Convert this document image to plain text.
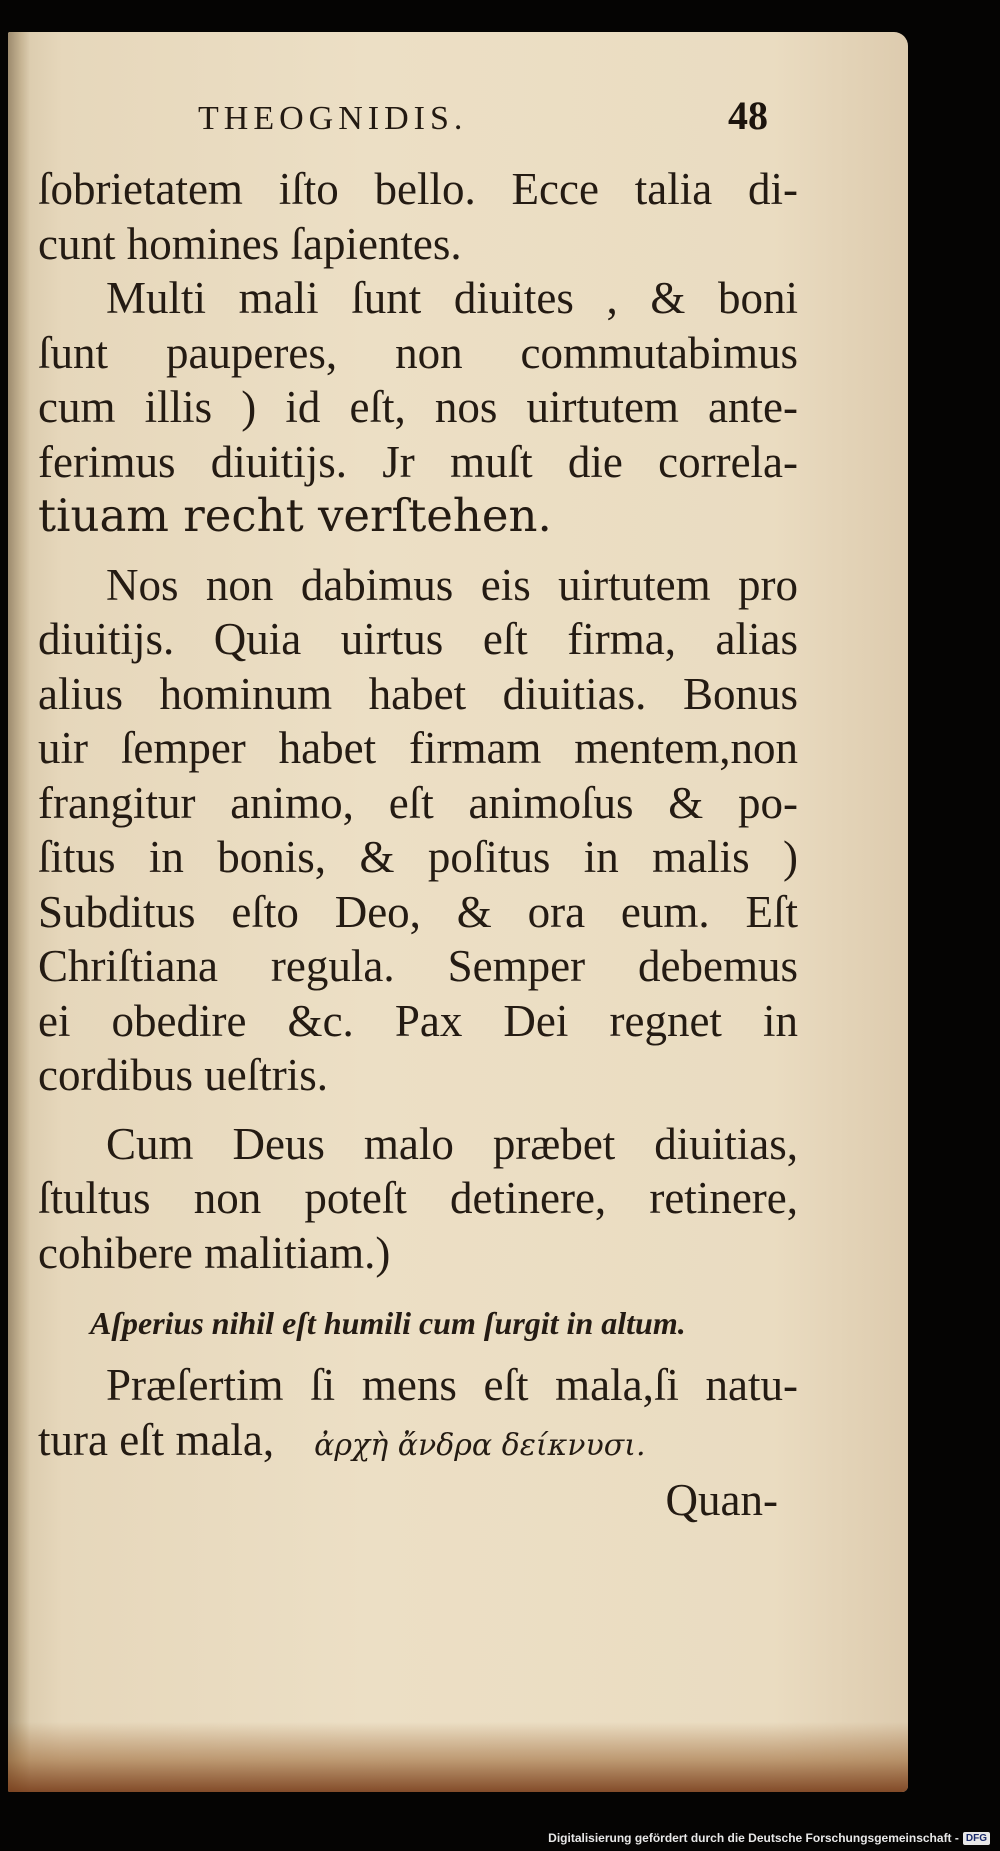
THEOGNIDIS.	48
ſobrietatem iſto bello. Ecce talia di-
cunt homines ſapientes.
Multi mali ſunt diuites , & boni
ſunt pauperes, non commutabimus
cum illis ) id eſt, nos uirtutem ante-
ferimus diuitijs. Jr muſt die correla-
tiuam recht verſtehen.
Nos non dabimus eis uirtutem pro
diuitijs. Quia uirtus eſt firma, alias
alius hominum habet diuitias. Bonus
uir ſemper habet firmam mentem,non
frangitur animo, eſt animoſus & po-
ſitus in bonis, & poſitus in malis )
Subditus eſto Deo, & ora eum. Eſt
Chriſtiana regula. Semper debemus
ei obedire &c. Pax Dei regnet in
cordibus ueſtris.
Cum Deus malo præbet diuitias,
ſtultus non poteſt detinere, retinere,
cohibere malitiam.)
Aſperius nihil eſt humili cum ſurgit in altum.
Præſertim ſi mens eſt mala,ſi natu-
tura eſt mala, ἀρχὴ ἄνδρα δείκνυσι.
Quan-
Digitalisierung gefördert durch die Deutsche Forschungsgemeinschaft - DFG
